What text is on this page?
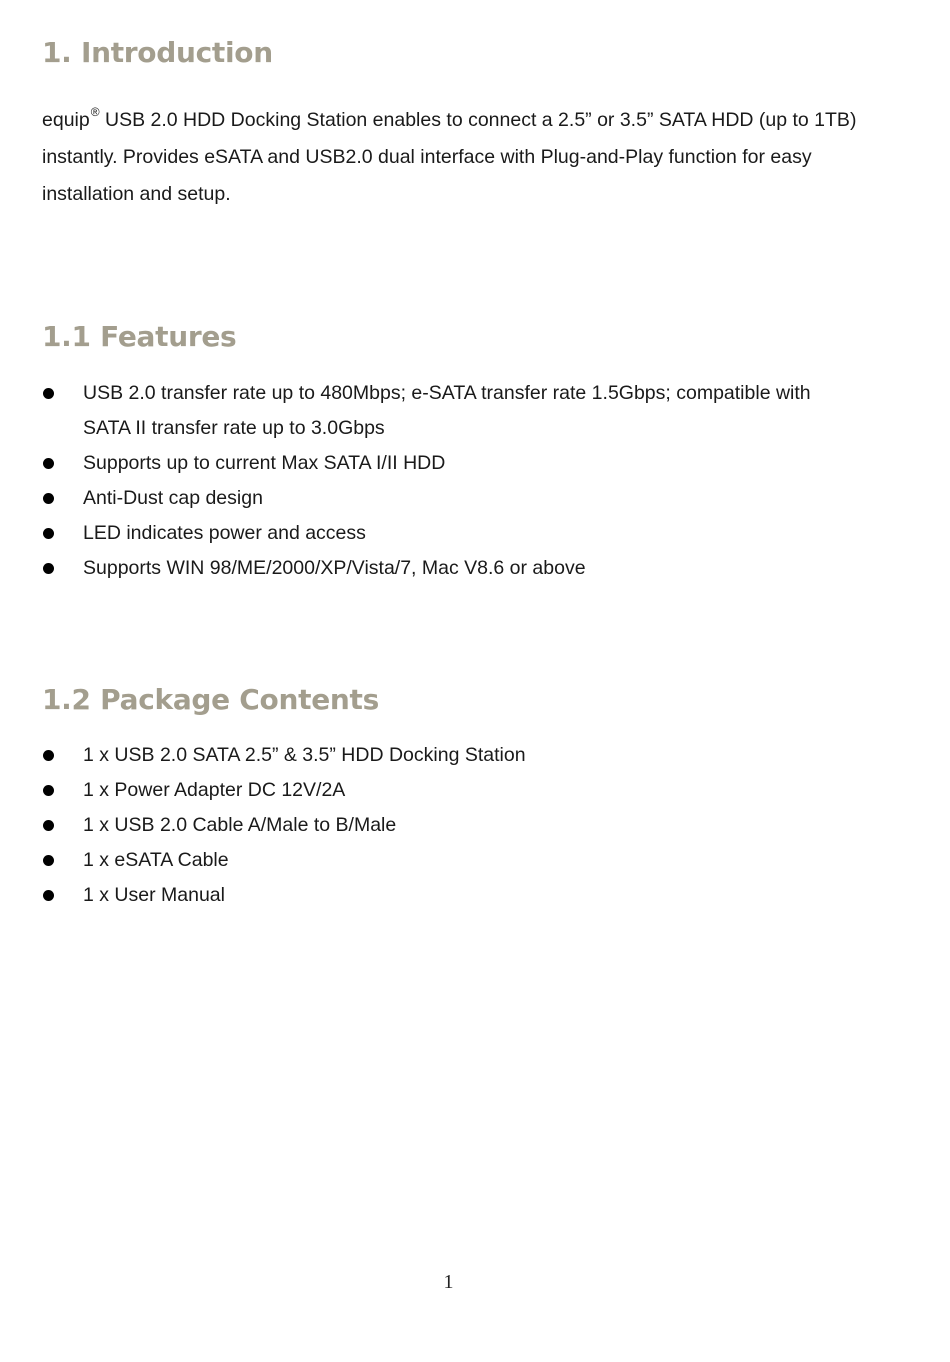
1. Introduction

equip® USB 2.0 HDD Docking Station enables to connect a 2.5” or 3.5” SATA HDD (up to 1TB) instantly. Provides eSATA and USB2.0 dual interface with Plug-and-Play function for easy installation and setup.

1.1 Features
USB 2.0 transfer rate up to 480Mbps; e-SATA transfer rate 1.5Gbps; compatible with SATA II transfer rate up to 3.0Gbps
Supports up to current Max SATA I/II HDD
Anti-Dust cap design
LED indicates power and access
Supports WIN 98/ME/2000/XP/Vista/7, Mac V8.6 or above
1.2 Package Contents
1 x USB 2.0 SATA 2.5” & 3.5” HDD Docking Station
1 x Power Adapter DC 12V/2A
1 x USB 2.0 Cable A/Male to B/Male
1 x eSATA Cable
1 x User Manual
1
